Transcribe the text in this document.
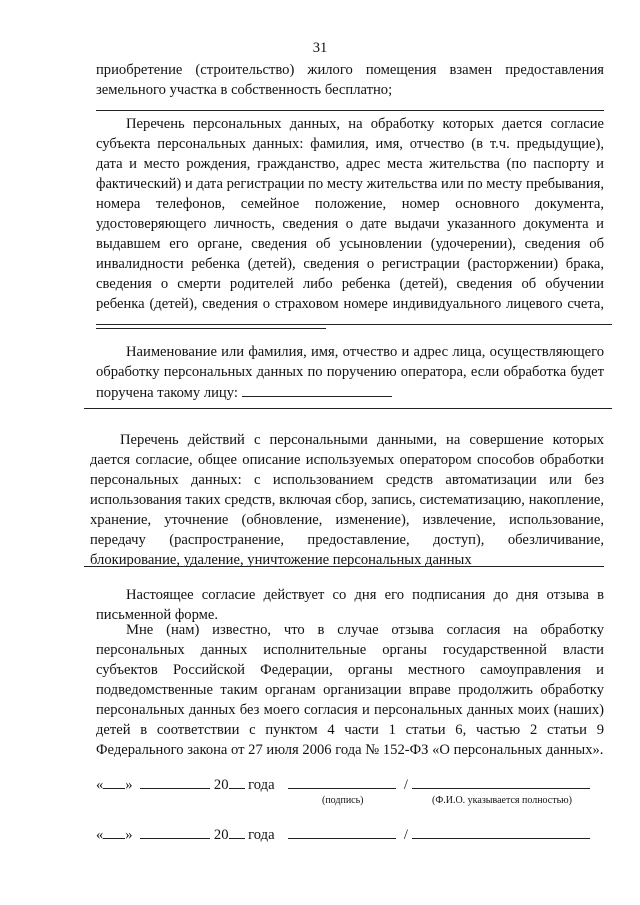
31
приобретение (строительство) жилого помещения взамен предоставления земельного участка в собственность бесплатно;
Перечень персональных данных, на обработку которых дается согласие субъекта персональных данных: фамилия, имя, отчество (в т.ч. предыдущие), дата и место рождения, гражданство, адрес места жительства (по паспорту и фактический) и дата регистрации по месту жительства или по месту пребывания, номера телефонов, семейное положение, номер основного документа, удостоверяющего личность, сведения о дате выдачи указанного документа и выдавшем его органе, сведения об усыновлении (удочерении), сведения об инвалидности ребенка (детей), сведения о регистрации (расторжении) брака, сведения о смерти родителей либо ребенка (детей), сведения об обучении ребенка (детей), сведения о страховом номере индивидуального лицевого счета,
Наименование или фамилия, имя, отчество и адрес лица, осуществляющего обработку персональных данных по поручению оператора, если обработка будет поручена такому лицу:
Перечень действий с персональными данными, на совершение которых дается согласие, общее описание используемых оператором способов обработки персональных данных: с использованием средств автоматизации или без использования таких средств, включая сбор, запись, систематизацию, накопление, хранение, уточнение (обновление, изменение), извлечение, использование, передачу (распространение, предоставление, доступ), обезличивание, блокирование, удаление, уничтожение персональных данных
Настоящее согласие действует со дня его подписания до дня отзыва в письменной форме.
Мне (нам) известно, что в случае отзыва согласия на обработку персональных данных исполнительные органы государственной власти субъектов Российской Федерации, органы местного самоуправления и подведомственные таким органам организации вправе продолжить обработку персональных данных без моего согласия и персональных данных моих (наших) детей в соответствии с пунктом 4 части 1 статьи 6, частью 2 статьи 9 Федерального закона от 27 июля 2006 года № 152-ФЗ «О персональных данных».
« »	20 года	/
(подпись)	(Ф.И.О. указывается полностью)
« »	20 года	/
